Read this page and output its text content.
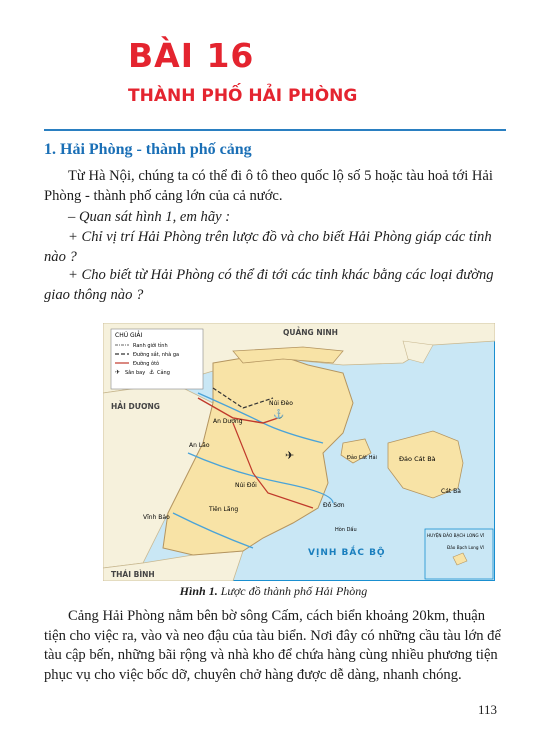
BÀI 16
THÀNH PHỐ HẢI PHÒNG
1. Hải Phòng - thành phố cảng
Từ Hà Nội, chúng ta có thể đi ô tô theo quốc lộ số 5 hoặc tàu hoả tới Hải Phòng - thành phố cảng lớn của cả nước.
– Quan sát hình 1, em hãy :
+ Chỉ vị trí Hải Phòng trên lược đồ và cho biết Hải Phòng giáp các tỉnh nào ?
+ Cho biết từ Hải Phòng có thể đi tới các tỉnh khác bằng các loại đường giao thông nào ?
CHÚ GIẢI
Ranh giới tỉnh
Đường sắt, nhà ga
Đường ôtô
✈ Sân bay ⚓ Cảng
QUẢNG NINH
HẢI DƯƠNG
THÁI BÌNH
Núi Đèo
An Dương
An Lão
Núi Đối
Tiên Lãng
Vĩnh Bảo
Đồ Sơn
Hòn Dấu
Đảo Cát Hải	Đảo Cát Bà
Cát Bà
✈
⚓
VỊNH BẮC BỘ
HUYỆN ĐẢO BẠCH LONG VĨ
Đảo Bạch Long Vĩ
Hình 1. Lược đồ thành phố Hải Phòng
Cảng Hải Phòng nằm bên bờ sông Cấm, cách biển khoảng 20km, thuận tiện cho việc ra, vào và neo đậu của tàu biển. Nơi đây có những cầu tàu lớn để tàu cập bến, những bãi rộng và nhà kho để chứa hàng cùng nhiều phương tiện phục vụ cho việc bốc dỡ, chuyên chở hàng được dễ dàng, nhanh chóng.
113
